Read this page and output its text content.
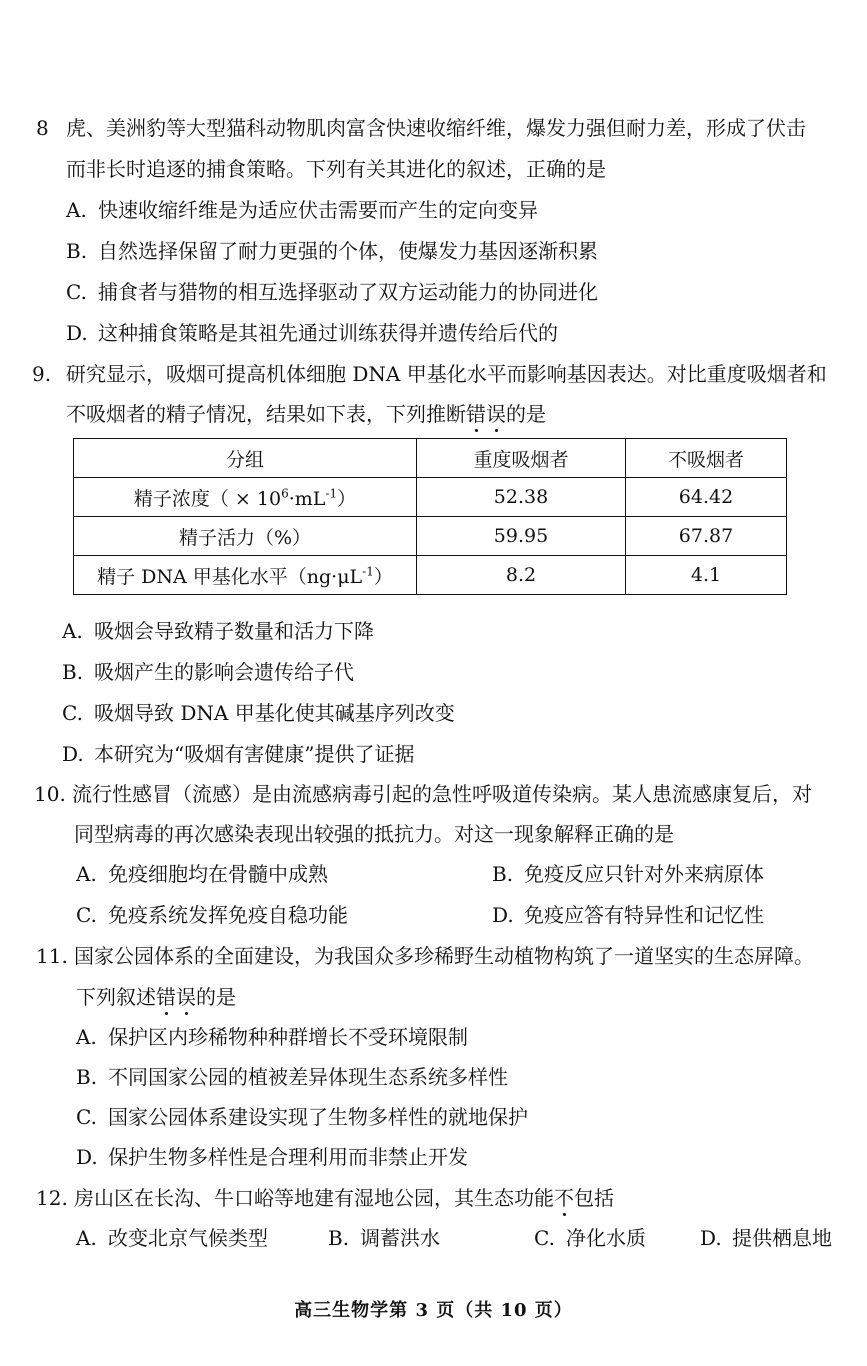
8 虎、美洲豹等大型猫科动物肌肉富含快速收缩纤维，爆发力强但耐力差，形成了伏击
而非长时追逐的捕食策略。下列有关其进化的叙述，正确的是
A. 快速收缩纤维是为适应伏击需要而产生的定向变异
B. 自然选择保留了耐力更强的个体，使爆发力基因逐渐积累
C. 捕食者与猎物的相互选择驱动了双方运动能力的协同进化
D. 这种捕食策略是其祖先通过训练获得并遗传给后代的
9. 研究显示，吸烟可提高机体细胞 DNA 甲基化水平而影响基因表达。对比重度吸烟者和
不吸烟者的精子情况，结果如下表，下列推断错误的是
分组	重度吸烟者	不吸烟者
精子浓度（ × $10^6\cdot mL^{-1}$）	52.38	64.42
精子活力（%）	59.95	67.87
精子 DNA 甲基化水平$(ng\cdot\mu L^{-1})$	8.2	4.1
A. 吸烟会导致精子数量和活力下降
B. 吸烟产生的影响会遗传给子代
C. 吸烟导致 DNA 甲基化使其碱基序列改变
D. 本研究为“吸烟有害健康”提供了证据
10. 流行性感冒（流感）是由流感病毒引起的急性呼吸道传染病。某人患流感康复后，对
同型病毒的再次感染表现出较强的抵抗力。对这一现象解释正确的是
A. 免疫细胞均在骨髓中成熟	B. 免疫反应只针对外来病原体
C. 免疫系统发挥免疫自稳功能	D. 免疫应答有特异性和记忆性
11. 国家公园体系的全面建设，为我国众多珍稀野生动植物构筑了一道坚实的生态屏障。
下列叙述错误的是
A. 保护区内珍稀物种种群增长不受环境限制
B. 不同国家公园的植被差异体现生态系统多样性
C. 国家公园体系建设实现了生物多样性的就地保护
D. 保护生物多样性是合理利用而非禁止开发
12. 房山区在长沟、牛口峪等地建有湿地公园，其生态功能不包括
A. 改变北京气候类型	B. 调蓄洪水	C. 净化水质	D. 提供栖息地
高三生物学第 3 页（共 10 页）
